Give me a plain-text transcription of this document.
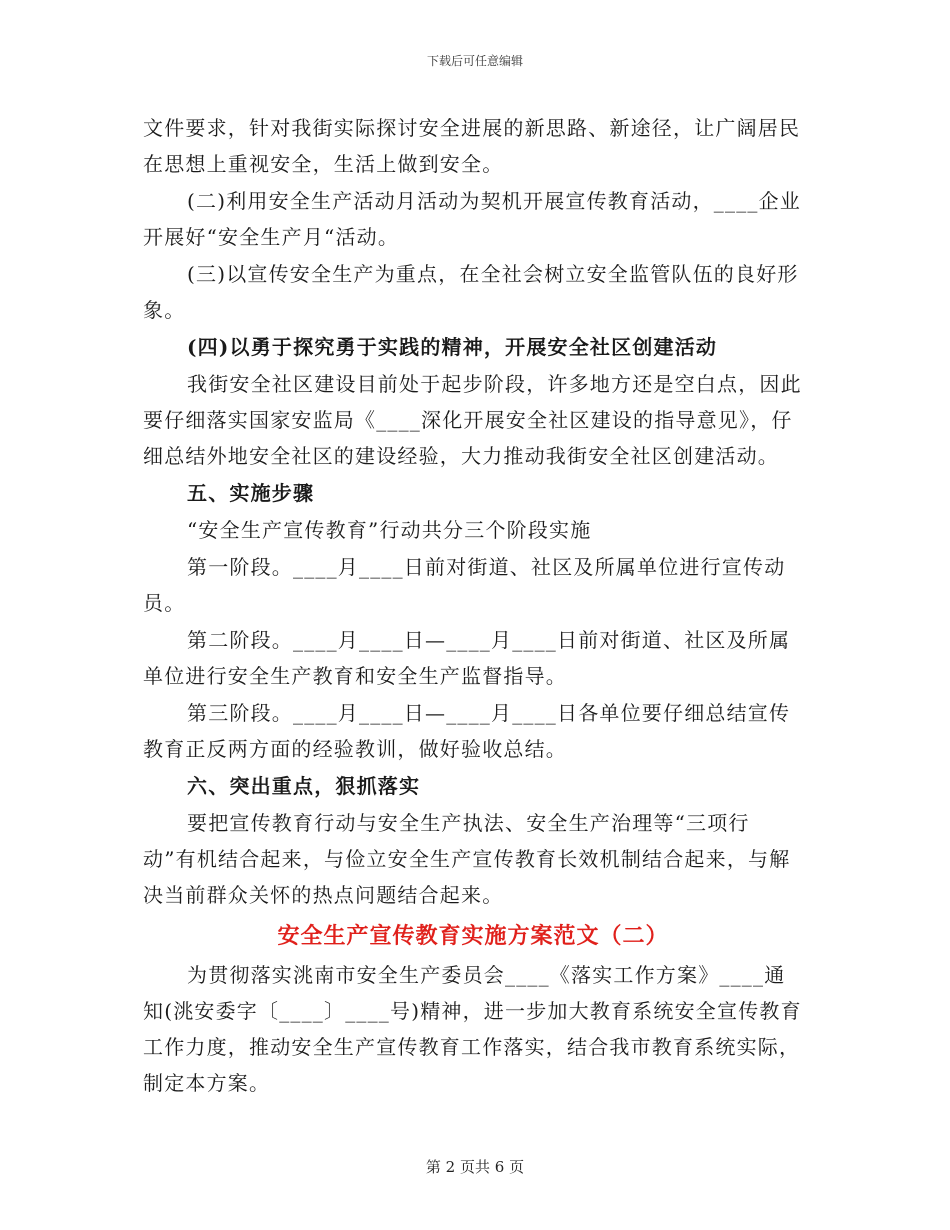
下载后可任意编辑

文件要求，针对我街实际探讨安全进展的新思路、新途径，让广阔居民在思想上重视安全，生活上做到安全。

(二)利用安全生产活动月活动为契机开展宣传教育活动，____企业开展好“安全生产月“活动。

(三)以宣传安全生产为重点，在全社会树立安全监管队伍的良好形象。

(四)以勇于探究勇于实践的精神，开展安全社区创建活动

我街安全社区建设目前处于起步阶段，许多地方还是空白点，因此要仔细落实国家安监局《____深化开展安全社区建设的指导意见》，仔细总结外地安全社区的建设经验，大力推动我街安全社区创建活动。

五、实施步骤

“安全生产宣传教育”行动共分三个阶段实施

第一阶段。____月____日前对街道、社区及所属单位进行宣传动员。

第二阶段。____月____日—____月____日前对街道、社区及所属单位进行安全生产教育和安全生产监督指导。

第三阶段。____月____日—____月____日各单位要仔细总结宣传教育正反两方面的经验教训，做好验收总结。

六、突出重点，狠抓落实

要把宣传教育行动与安全生产执法、安全生产治理等“三项行动”有机结合起来，与俭立安全生产宣传教育长效机制结合起来，与解决当前群众关怀的热点问题结合起来。

安全生产宣传教育实施方案范文（二）

为贯彻落实洮南市安全生产委员会____《落实工作方案》____通知(洮安委字〔____〕____号)精神，进一步加大教育系统安全宣传教育工作力度，推动安全生产宣传教育工作落实，结合我市教育系统实际，制定本方案。

第 2 页共 6 页
